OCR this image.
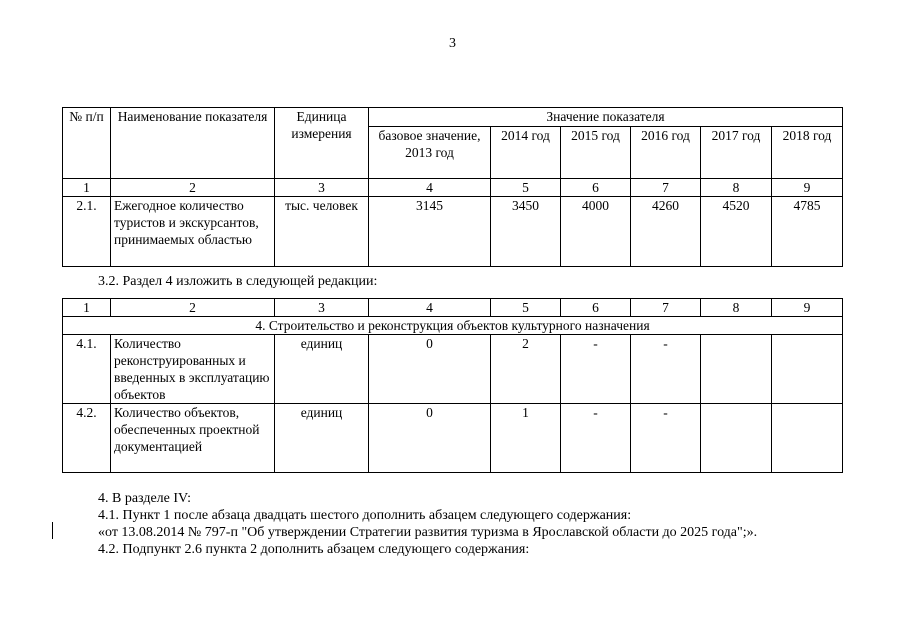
3
№ п/п	Наименование показателя	Единица измерения	Значение показателя					
			базовое значение, 2013 год	2014 год	2015 год	2016 год	2017 год	2018 год
1	2	3	4	5	6	7	8	9
2.1.	Ежегодное количество туристов и экскурсантов, принимаемых областью	тыс. человек	3145	3450	4000	4260	4520	4785
3.2. Раздел 4 изложить в следующей редакции:
1	2	3	4	5	6	7	8	9
4. Строительство и реконструкция объектов культурного назначения								
4.1.	Количество реконструированных и введенных в эксплуатацию объектов	единиц	0	2	-	-		
4.2.	Количество объектов, обеспеченных проектной документацией	единиц	0	1	-	-		
4. В разделе IV:
4.1. Пункт 1 после абзаца двадцать шестого дополнить абзацем следующего содержания:
«от 13.08.2014 № 797-п "Об утверждении Стратегии развития туризма в Ярославской области до 2025 года";».
4.2. Подпункт 2.6 пункта 2 дополнить абзацем следующего содержания:
